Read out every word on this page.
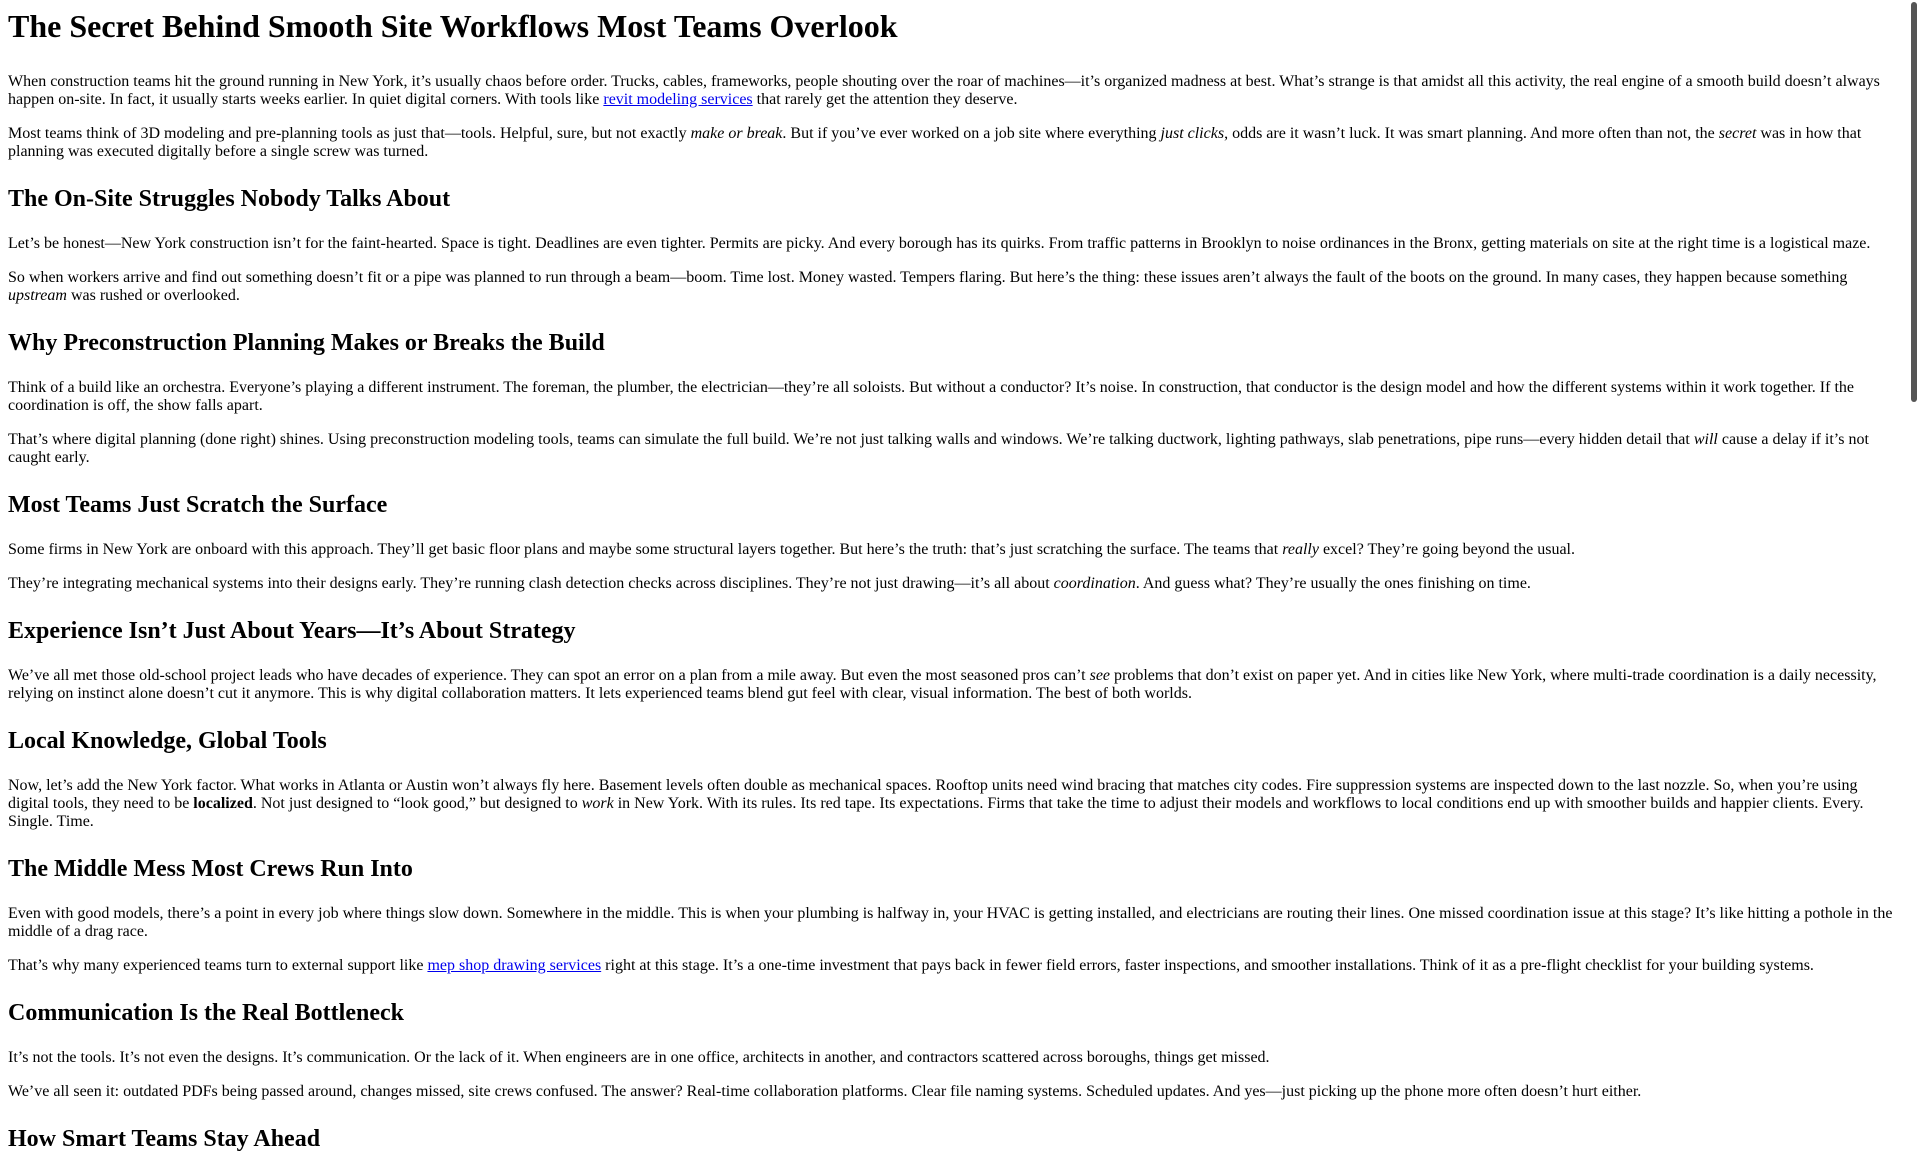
The Secret Behind Smooth Site Workflows Most Teams Overlook

When construction teams hit the ground running in New York, it’s usually chaos before order. Trucks, cables, frameworks, people shouting over the roar of machines—it’s organized madness at best. What’s strange is that amidst all this activity, the real engine of a smooth build doesn’t always happen on-site. In fact, it usually starts weeks earlier. In quiet digital corners. With tools like revit modeling services that rarely get the attention they deserve.

Most teams think of 3D modeling and pre-planning tools as just that—tools. Helpful, sure, but not exactly make or break. But if you’ve ever worked on a job site where everything just clicks, odds are it wasn’t luck. It was smart planning. And more often than not, the secret was in how that planning was executed digitally before a single screw was turned.

The On-Site Struggles Nobody Talks About

Let’s be honest—New York construction isn’t for the faint-hearted. Space is tight. Deadlines are even tighter. Permits are picky. And every borough has its quirks. From traffic patterns in Brooklyn to noise ordinances in the Bronx, getting materials on site at the right time is a logistical maze.

So when workers arrive and find out something doesn’t fit or a pipe was planned to run through a beam—boom. Time lost. Money wasted. Tempers flaring. But here’s the thing: these issues aren’t always the fault of the boots on the ground. In many cases, they happen because something upstream was rushed or overlooked.

Why Preconstruction Planning Makes or Breaks the Build

Think of a build like an orchestra. Everyone’s playing a different instrument. The foreman, the plumber, the electrician—they’re all soloists. But without a conductor? It’s noise. In construction, that conductor is the design model and how the different systems within it work together. If the coordination is off, the show falls apart.

That’s where digital planning (done right) shines. Using preconstruction modeling tools, teams can simulate the full build. We’re not just talking walls and windows. We’re talking ductwork, lighting pathways, slab penetrations, pipe runs—every hidden detail that will cause a delay if it’s not caught early.

Most Teams Just Scratch the Surface

Some firms in New York are onboard with this approach. They’ll get basic floor plans and maybe some structural layers together. But here’s the truth: that’s just scratching the surface. The teams that really excel? They’re going beyond the usual.

They’re integrating mechanical systems into their designs early. They’re running clash detection checks across disciplines. They’re not just drawing—it’s all about coordination. And guess what? They’re usually the ones finishing on time.

Experience Isn’t Just About Years—It’s About Strategy

We’ve all met those old-school project leads who have decades of experience. They can spot an error on a plan from a mile away. But even the most seasoned pros can’t see problems that don’t exist on paper yet. And in cities like New York, where multi-trade coordination is a daily necessity, relying on instinct alone doesn’t cut it anymore. This is why digital collaboration matters. It lets experienced teams blend gut feel with clear, visual information. The best of both worlds.

Local Knowledge, Global Tools

Now, let’s add the New York factor. What works in Atlanta or Austin won’t always fly here. Basement levels often double as mechanical spaces. Rooftop units need wind bracing that matches city codes. Fire suppression systems are inspected down to the last nozzle. So, when you’re using digital tools, they need to be localized. Not just designed to “look good,” but designed to work in New York. With its rules. Its red tape. Its expectations. Firms that take the time to adjust their models and workflows to local conditions end up with smoother builds and happier clients. Every. Single. Time.

The Middle Mess Most Crews Run Into

Even with good models, there’s a point in every job where things slow down. Somewhere in the middle. This is when your plumbing is halfway in, your HVAC is getting installed, and electricians are routing their lines. One missed coordination issue at this stage? It’s like hitting a pothole in the middle of a drag race.

That’s why many experienced teams turn to external support like mep shop drawing services right at this stage. It’s a one-time investment that pays back in fewer field errors, faster inspections, and smoother installations. Think of it as a pre-flight checklist for your building systems.

Communication Is the Real Bottleneck

It’s not the tools. It’s not even the designs. It’s communication. Or the lack of it. When engineers are in one office, architects in another, and contractors scattered across boroughs, things get missed.

We’ve all seen it: outdated PDFs being passed around, changes missed, site crews confused. The answer? Real-time collaboration platforms. Clear file naming systems. Scheduled updates. And yes—just picking up the phone more often doesn’t hurt either.

How Smart Teams Stay Ahead
